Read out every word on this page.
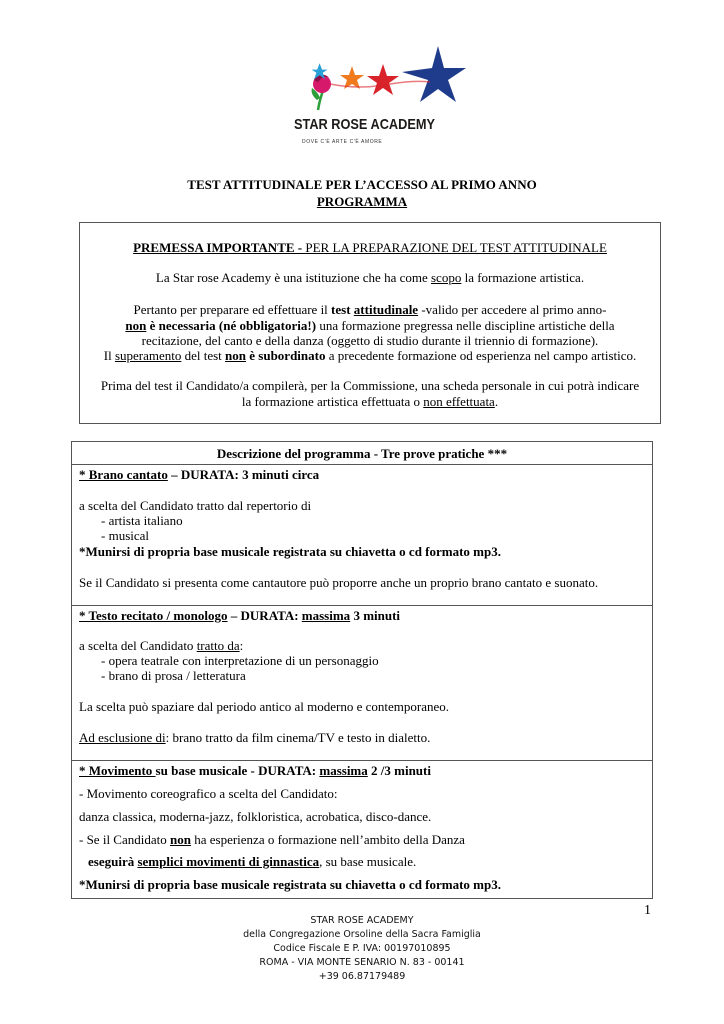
STAR ROSE ACADEMY
DOVE C'È ARTE C'È AMORE
TEST ATTITUDINALE PER L’ACCESSO AL PRIMO ANNO
PROGRAMMA
PREMESSA IMPORTANTE - PER LA PREPARAZIONE DEL TEST ATTITUDINALE
La Star rose Academy è una istituzione che ha come scopo la formazione artistica.
Pertanto per preparare ed effettuare il test attitudinale -valido per accedere al primo anno-
non è necessaria (né obbligatoria!) una formazione pregressa nelle discipline artistiche della
recitazione, del canto e della danza (oggetto di studio durante il triennio di formazione).
Il superamento del test non è subordinato a precedente formazione od esperienza nel campo artistico.
Prima del test il Candidato/a compilerà, per la Commissione, una scheda personale in cui potrà indicare
la formazione artistica effettuata o non effettuata.
Descrizione del programma - Tre prove pratiche ***
* Brano cantato – DURATA: 3 minuti circa
a scelta del Candidato tratto dal repertorio di
- artista italiano
- musical
*Munirsi di propria base musicale registrata su chiavetta o cd formato mp3.
Se il Candidato si presenta come cantautore può proporre anche un proprio brano cantato e suonato.
* Testo recitato / monologo – DURATA: massima 3 minuti
a scelta del Candidato tratto da:
- opera teatrale con interpretazione di un personaggio
- brano di prosa / letteratura
La scelta può spaziare dal periodo antico al moderno e contemporaneo.
Ad esclusione di: brano tratto da film cinema/TV e testo in dialetto.
* Movimento su base musicale - DURATA: massima 2 /3 minuti
- Movimento coreografico a scelta del Candidato:
danza classica, moderna-jazz, folkloristica, acrobatica, disco-dance.
- Se il Candidato non ha esperienza o formazione nell’ambito della Danza
eseguirà semplici movimenti di ginnastica, su base musicale.
*Munirsi di propria base musicale registrata su chiavetta o cd formato mp3.
1
STAR ROSE ACADEMY
della Congregazione Orsoline della Sacra Famiglia
Codice Fiscale E P. IVA: 00197010895
ROMA - VIA MONTE SENARIO N. 83 - 00141
+39 06.87179489
